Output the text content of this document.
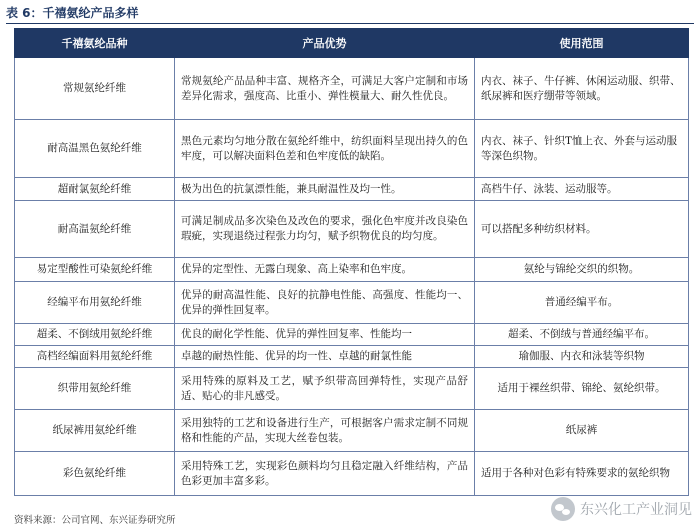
表 6：千禧氨纶产品多样
千禧氨纶品种	产品优势	使用范围
常规氨纶纤维	常规氨纶产品品种丰富、规格齐全，可满足大客户定制和市场差异化需求，强度高、比重小、弹性模量大、耐久性优良。	内衣、袜子、牛仔裤、休闲运动服、织带、纸尿裤和医疗绷带等领域。
耐高温黑色氨纶纤维	黑色元素均匀地分散在氨纶纤维中，纺织面料呈现出持久的色牢度，可以解决面料色差和色牢度低的缺陷。	内衣、袜子、针织T恤上衣、外套与运动服等深色织物。
超耐氯氨纶纤维	极为出色的抗氯漂性能，兼具耐温性及均一性。	高档牛仔、泳装、运动服等。
耐高温氨纶纤维	可满足制成品多次染色及改色的要求，强化色牢度并改良染色瑕疵，实现退绕过程张力均匀，赋予织物优良的均匀度。	可以搭配多种纺织材料。
易定型酸性可染氨纶纤维	优异的定型性、无露白现象、高上染率和色牢度。	氨纶与锦纶交织的织物。
经编平布用氨纶纤维	优异的耐高温性能、良好的抗静电性能、高强度、性能均一、优异的弹性回复率。	普通经编平布。
超柔、不倒绒用氨纶纤维	优良的耐化学性能、优异的弹性回复率、性能均一	超柔、不倒绒与普通经编平布。
高档经编面料用氨纶纤维	卓越的耐热性能、优异的均一性、卓越的耐氯性能	瑜伽服、内衣和泳装等织物
织带用氨纶纤维	采用特殊的原料及工艺，赋予织带高回弹特性，实现产品舒适、贴心的非凡感受。	适用于裸丝织带、锦纶、氨纶织带。
纸尿裤用氨纶纤维	采用独特的工艺和设备进行生产，可根据客户需求定制不同规格和性能的产品，实现大丝卷包装。	纸尿裤
彩色氨纶纤维	采用特殊工艺，实现彩色颜料均匀且稳定融入纤维结构，产品色彩更加丰富多彩。	适用于各种对色彩有特殊要求的氨纶织物
资料来源：公司官网、东兴证券研究所
东兴化工产业洞见
